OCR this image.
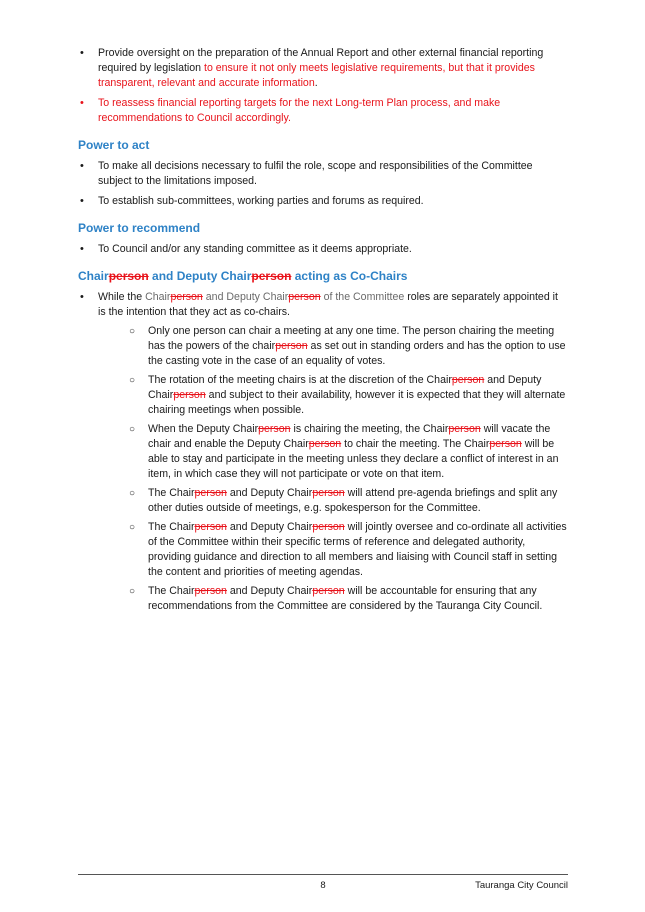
• Provide oversight on the preparation of the Annual Report and other external financial reporting required by legislation to ensure it not only meets legislative requirements, but that it provides transparent, relevant and accurate information.
• To reassess financial reporting targets for the next Long-term Plan process, and make recommendations to Council accordingly.
Power to act
• To make all decisions necessary to fulfil the role, scope and responsibilities of the Committee subject to the limitations imposed.
• To establish sub-committees, working parties and forums as required.
Power to recommend
• To Council and/or any standing committee as it deems appropriate.
Chairperson and Deputy Chairperson acting as Co-Chairs
• While the Chairperson and Deputy Chairperson of the Committee roles are separately appointed it is the intention that they act as co-chairs.
○ Only one person can chair a meeting at any one time. The person chairing the meeting has the powers of the chairperson as set out in standing orders and has the option to use the casting vote in the case of an equality of votes.
○ The rotation of the meeting chairs is at the discretion of the Chairperson and Deputy Chairperson and subject to their availability, however it is expected that they will alternate chairing meetings when possible.
○ When the Deputy Chairperson is chairing the meeting, the Chairperson will vacate the chair and enable the Deputy Chairperson to chair the meeting. The Chairperson will be able to stay and participate in the meeting unless they declare a conflict of interest in an item, in which case they will not participate or vote on that item.
○ The Chairperson and Deputy Chairperson will attend pre-agenda briefings and split any other duties outside of meetings, e.g. spokesperson for the Committee.
○ The Chairperson and Deputy Chairperson will jointly oversee and co-ordinate all activities of the Committee within their specific terms of reference and delegated authority, providing guidance and direction to all members and liaising with Council staff in setting the content and priorities of meeting agendas.
○ The Chairperson and Deputy Chairperson will be accountable for ensuring that any recommendations from the Committee are considered by the Tauranga City Council.
8	Tauranga City Council
